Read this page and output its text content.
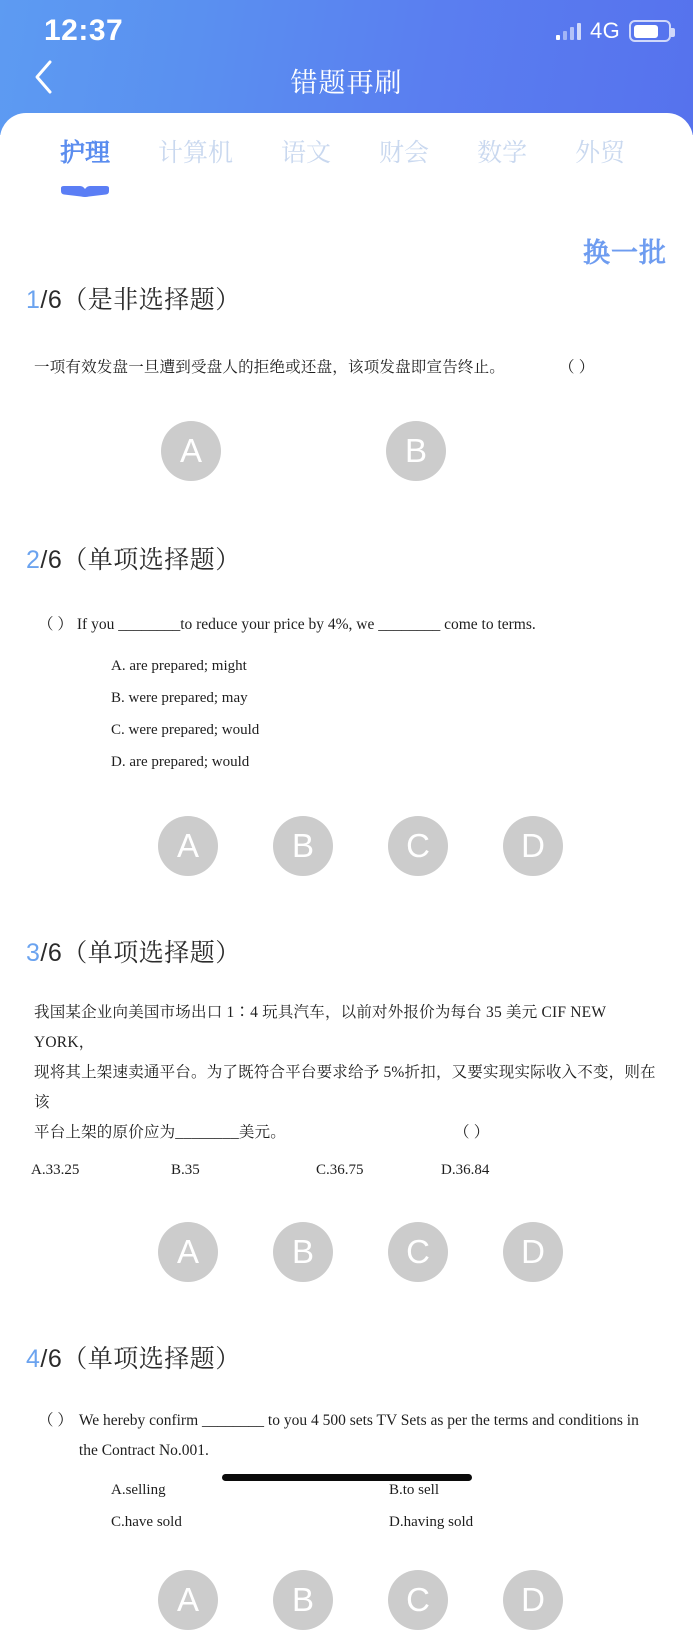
12:37	4G
错题再刷
护理 计算机 语文 财会 数学 外贸
换一批
1/6（是非选择题）
一项有效发盘一旦遭到受盘人的拒绝或还盘，该项发盘即宣告终止。	（ ）
A	B
2/6（单项选择题）
（ ） If you ________to reduce your price by 4%, we ________ come to terms.
A. are prepared; might
B. were prepared; may
C. were prepared; would
D. are prepared; would
A	B	C	D
3/6（单项选择题）
我国某企业向美国市场出口 1∶4 玩具汽车，以前对外报价为每台 35 美元 CIF NEW YORK，
现将其上架速卖通平台。为了既符合平台要求给予 5%折扣，又要实现实际收入不变，则在该
平台上架的原价应为________美元。	（ ）
A.33.25	B.35	C.36.75	D.36.84
A	B	C	D
4/6（单项选择题）
（ ） We hereby confirm ________ to you 4 500 sets TV Sets as per the terms and conditions in
the Contract No.001.
A.selling	B.to sell
C.have sold	D.having sold
A	B	C	D
